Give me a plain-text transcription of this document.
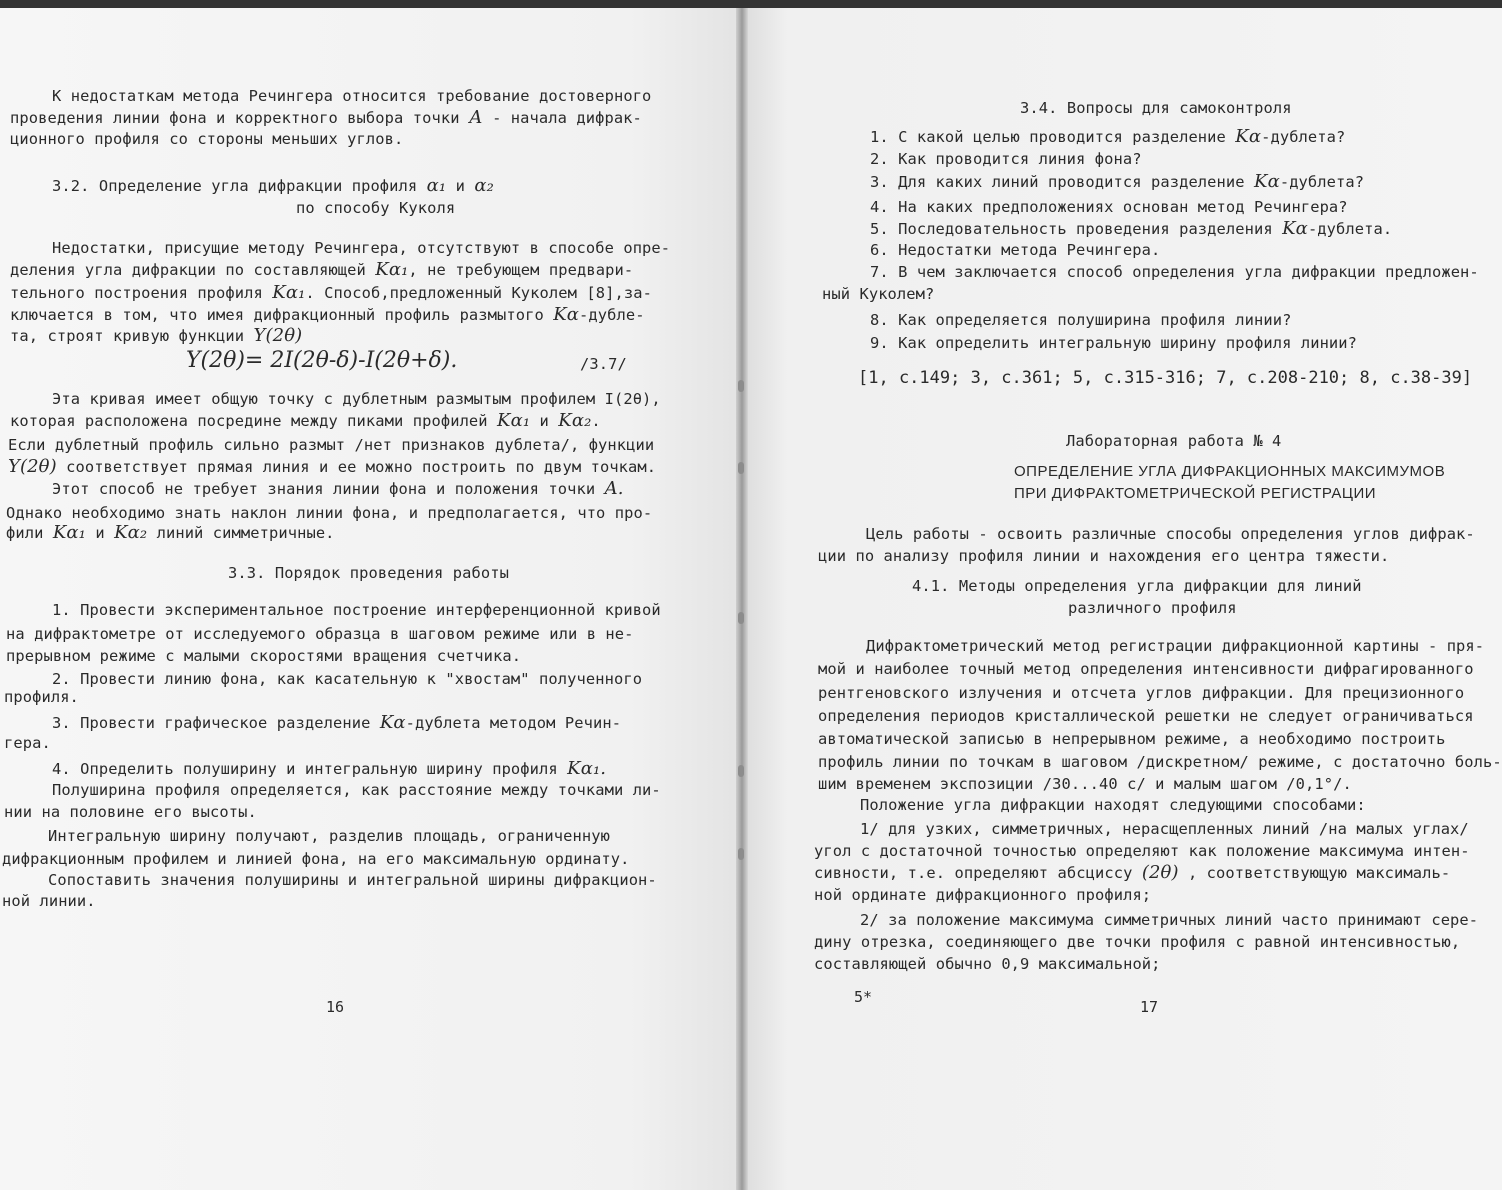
К недостаткам метода Речингера относится требование достоверного
проведения линии фона и корректного выбора точки А - начала дифрак-
ционного профиля со стороны меньших углов.
3.2. Определение угла дифракции профиля α₁ и α₂
по способу Куколя
Недостатки, присущие методу Речингера, отсутствуют в способе опре-
деления угла дифракции по составляющей Kα₁, не требующем предвари-
тельного построения профиля Kα₁. Способ,предложенный Куколем [8],за-
ключается в том, что имея дифракционный профиль размытого Kα-дубле-
та, строят кривую функции Y(2θ)
Y(2θ)= 2I(2θ-δ)-I(2θ+δ).	/3.7/
Эта кривая имеет общую точку с дублетным размытым профилем I(2θ),
которая расположена посредине между пиками профилей Kα₁ и Kα₂.
Если дублетный профиль сильно размыт /нет признаков дублета/, функции
Y(2θ) соответствует прямая линия и ее можно построить по двум точкам.
Этот способ не требует знания линии фона и положения точки A.
Однако необходимо знать наклон линии фона, и предполагается, что про-
фили Kα₁ и Kα₂ линий симметричные.
3.3. Порядок проведения работы
1. Провести экспериментальное построение интерференционной кривой
на дифрактометре от исследуемого образца в шаговом режиме или в не-
прерывном режиме с малыми скоростями вращения счетчика.
2. Провести линию фона, как касательную к "хвостам" полученного
профиля.
3. Провести графическое разделение Kα-дублета методом Речин-
гера.
4. Определить полуширину и интегральную ширину профиля Kα₁.
Полуширина профиля определяется, как расстояние между точками ли-
нии на половине его высоты.
Интегральную ширину получают, разделив площадь, ограниченную
дифракционным профилем и линией фона, на его максимальную ординату.
Сопоставить значения полуширины и интегральной ширины дифракцион-
ной линии.
16
3.4. Вопросы для самоконтроля
1. С какой целью проводится разделение Kα-дублета?
2. Как проводится линия фона?
3. Для каких линий проводится разделение Kα-дублета?
4. На каких предположениях основан метод Речингера?
5. Последовательность проведения разделения Kα-дублета.
6. Недостатки метода Речингера.
7. В чем заключается способ определения угла дифракции предложен-
ный Куколем?
8. Как определяется полуширина профиля линии?
9. Как определить интегральную ширину профиля линии?
[1, с.149; 3, с.361; 5, с.315-316; 7, с.208-210; 8, с.38-39]
Лабораторная работа № 4
ОПРЕДЕЛЕНИЕ УГЛА ДИФРАКЦИОННЫХ МАКСИМУМОВ
ПРИ ДИФРАКТОМЕТРИЧЕСКОЙ РЕГИСТРАЦИИ
Цель работы - освоить различные способы определения углов дифрак-
ции по анализу профиля линии и нахождения его центра тяжести.
4.1. Методы определения угла дифракции для линий
различного профиля
Дифрактометрический метод регистрации дифракционной картины - пря-
мой и наиболее точный метод определения интенсивности дифрагированного
рентгеновского излучения и отсчета углов дифракции. Для прецизионного
определения периодов кристаллической решетки не следует ограничиваться
автоматической записью в непрерывном режиме, а необходимо построить
профиль линии по точкам в шаговом /дискретном/ режиме, с достаточно боль-
шим временем экспозиции /30...40 с/ и малым шагом /0,1°/.
Положение угла дифракции находят следующими способами:
1/ для узких, симметричных, нерасщепленных линий /на малых углах/
угол с достаточной точностью определяют как положение максимума интен-
сивности, т.е. определяют абсциссу (2θ) , соответствующую максималь-
ной ординате дифракционного профиля;
2/ за положение максимума симметричных линий часто принимают сере-
дину отрезка, соединяющего две точки профиля с равной интенсивностью,
составляющей обычно 0,9 максимальной;
5*
17
